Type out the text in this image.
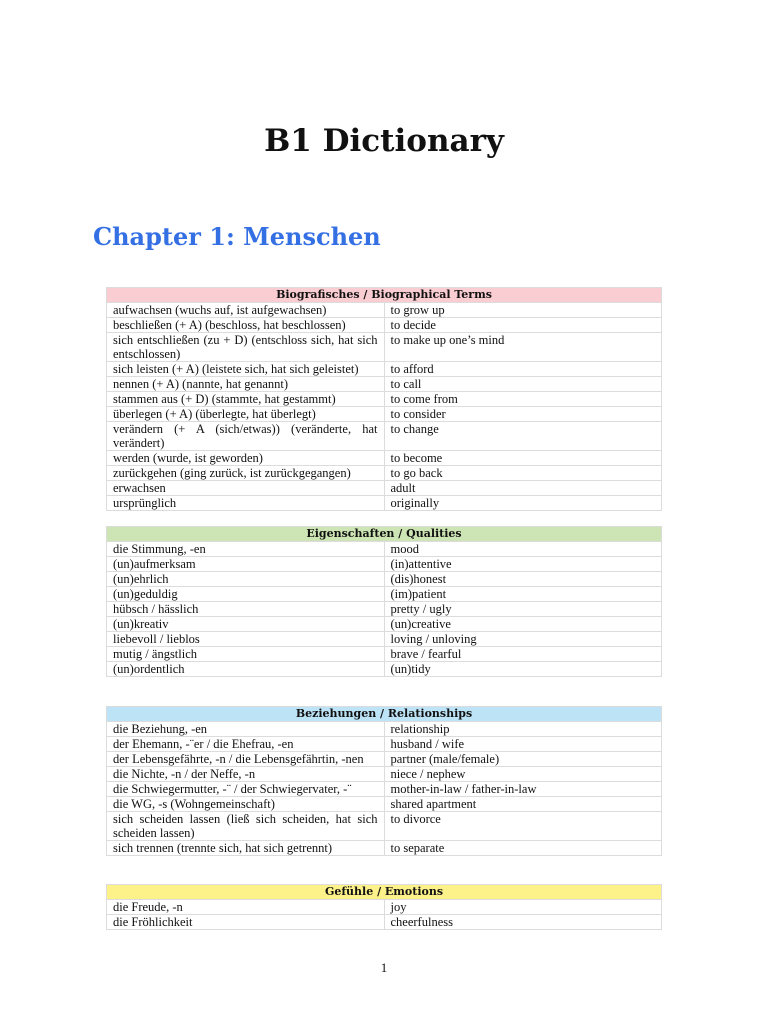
B1 Dictionary
Chapter 1: Menschen
Biografisches / Biographical Terms	
aufwachsen (wuchs auf, ist aufgewachsen)	to grow up
beschließen (+ A) (beschloss, hat beschlossen)	to decide
sich entschließen (zu + D) (entschloss sich, hat sich entschlossen)	to make up one’s mind
sich leisten (+ A) (leistete sich, hat sich geleistet)	to afford
nennen (+ A) (nannte, hat genannt)	to call
stammen aus (+ D) (stammte, hat gestammt)	to come from
überlegen (+ A) (überlegte, hat überlegt)	to consider
verändern (+ A (sich/etwas)) (veränderte, hat verändert)	to change
werden (wurde, ist geworden)	to become
zurückgehen (ging zurück, ist zurückgegangen)	to go back
erwachsen	adult
ursprünglich	originally
Eigenschaften / Qualities	
die Stimmung, -en	mood
(un)aufmerksam	(in)attentive
(un)ehrlich	(dis)honest
(un)geduldig	(im)patient
hübsch / hässlich	pretty / ugly
(un)kreativ	(un)creative
liebevoll / lieblos	loving / unloving
mutig / ängstlich	brave / fearful
(un)ordentlich	(un)tidy
Beziehungen / Relationships	
die Beziehung, -en	relationship
der Ehemann, -¨er / die Ehefrau, -en	husband / wife
der Lebensgefährte, -n / die Lebensgefährtin, -nen	partner (male/female)
die Nichte, -n / der Neffe, -n	niece / nephew
die Schwiegermutter, -¨ / der Schwiegervater, -¨	mother-in-law / father-in-law
die WG, -s (Wohngemeinschaft)	shared apartment
sich scheiden lassen (ließ sich scheiden, hat sich scheiden lassen)	to divorce
sich trennen (trennte sich, hat sich getrennt)	to separate
Gefühle / Emotions	
die Freude, -n	joy
die Fröhlichkeit	cheerfulness
1
